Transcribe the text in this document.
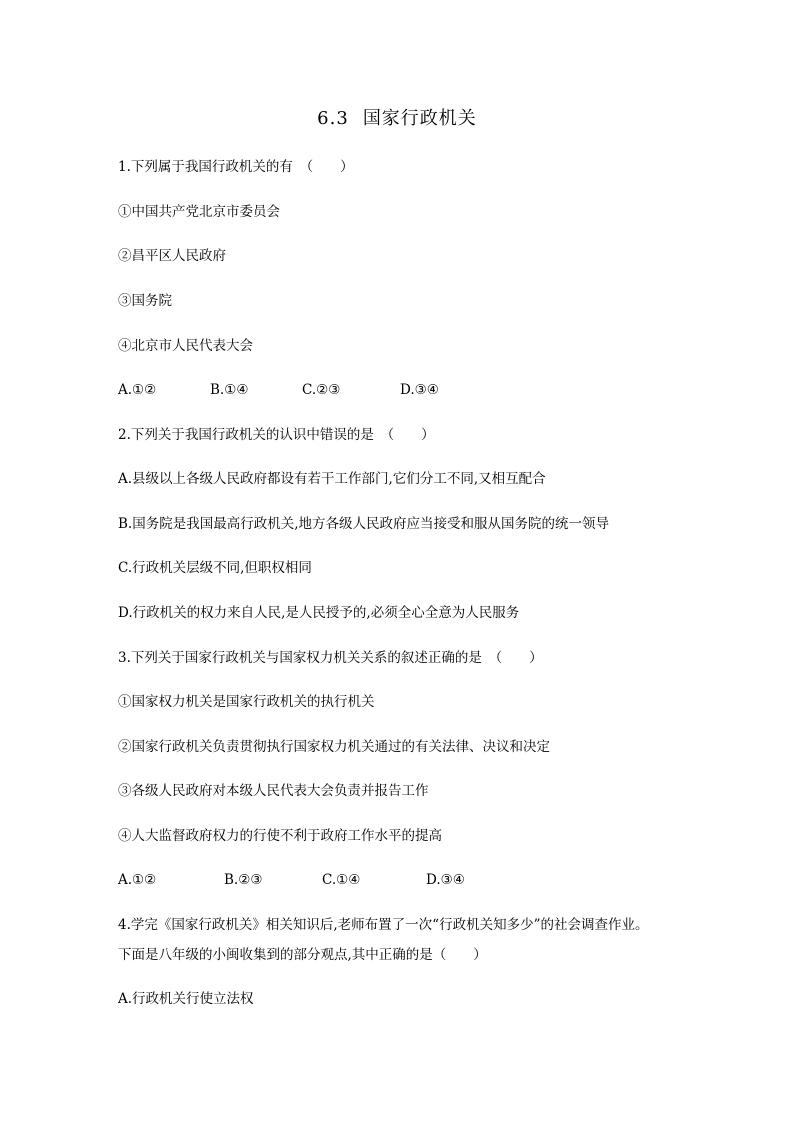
6.3 国家行政机关
1.下列属于我国行政机关的有　（　　）
①中国共产党北京市委员会
②昌平区人民政府
③国务院
④北京市人民代表大会
A.①②	B.①④	C.②③	D.③④
2.下列关于我国行政机关的认识中错误的是　（　　）
A.县级以上各级人民政府都设有若干工作部门,它们分工不同,又相互配合
B.国务院是我国最高行政机关,地方各级人民政府应当接受和服从国务院的统一领导
C.行政机关层级不同,但职权相同
D.行政机关的权力来自人民,是人民授予的,必须全心全意为人民服务
3.下列关于国家行政机关与国家权力机关关系的叙述正确的是　（　　）
①国家权力机关是国家行政机关的执行机关
②国家行政机关负责贯彻执行国家权力机关通过的有关法律、决议和决定
③各级人民政府对本级人民代表大会负责并报告工作
④人大监督政府权力的行使不利于政府工作水平的提高
A.①②	B.②③	C.①④	D.③④
4.学完《国家行政机关》相关知识后,老师布置了一次“行政机关知多少”的社会调查作业。
下面是八年级的小闽收集到的部分观点,其中正确的是（　　）
A.行政机关行使立法权
